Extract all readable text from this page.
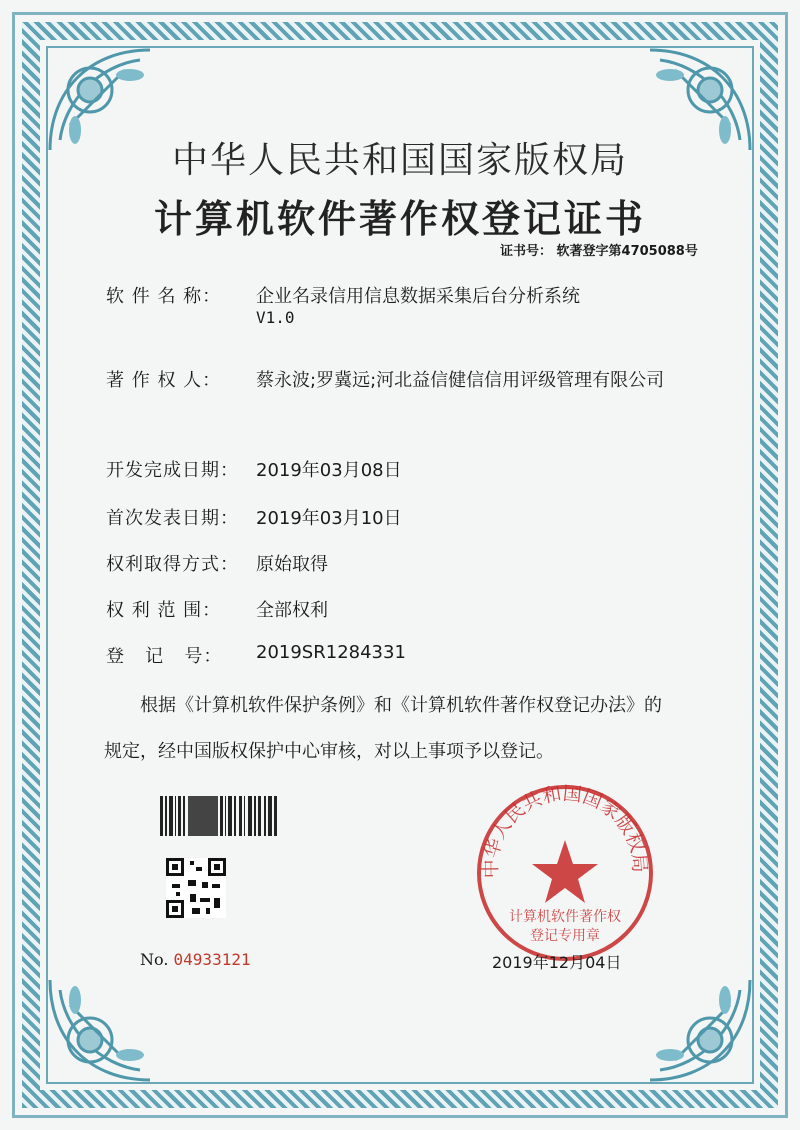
中华人民共和国国家版权局
计算机软件著作权登记证书
证书号： 软著登字第4705088号
软 件 名 称：	企业名录信用信息数据采集后台分析系统
V1.0
著 作 权 人：	蔡永波;罗冀远;河北益信健信信用评级管理有限公司
开发完成日期： 2019年03月08日
首次发表日期： 2019年03月10日
权利取得方式： 原始取得
权 利 范 围：	全部权利
登   记   号：	2019SR1284331
根据《计算机软件保护条例》和《计算机软件著作权登记办法》的
规定，经中国版权保护中心审核，对以上事项予以登记。
No. 04933121
中华人民共和国国家版权局
计算机软件著作权
登记专用章
2019年12月04日
